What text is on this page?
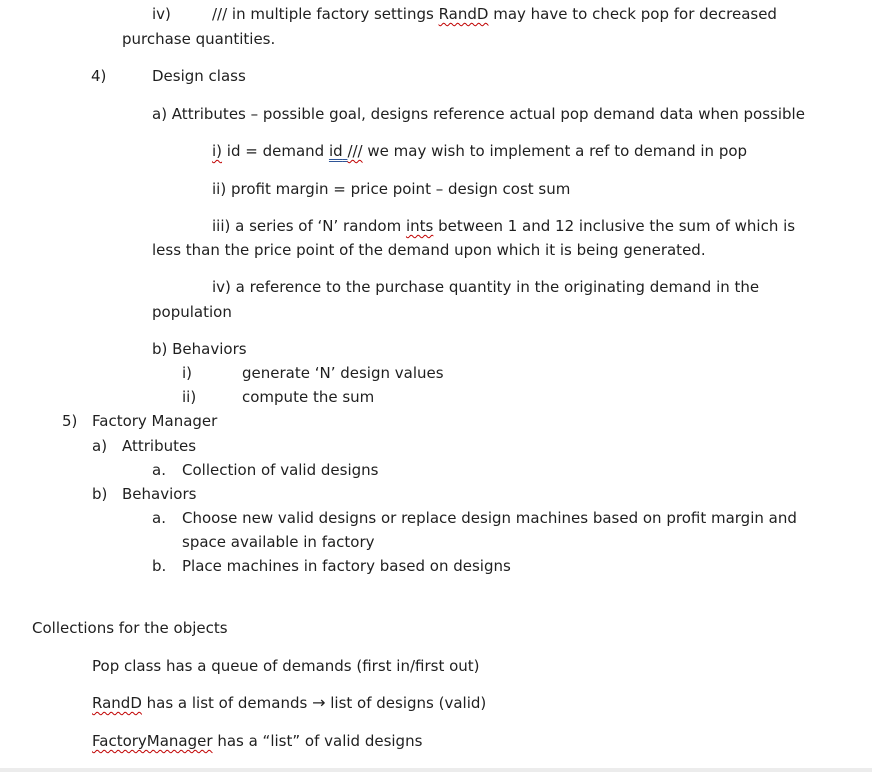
iv)	/// in multiple factory settings RandD may have to check pop for decreased
purchase quantities.
4)	Design class
a) Attributes – possible goal, designs reference actual pop demand data when possible
i) id = demand id /// we may wish to implement a ref to demand in pop
ii) profit margin = price point – design cost sum
iii) a series of ‘N’ random ints between 1 and 12 inclusive the sum of which is
less than the price point of the demand upon which it is being generated.
iv) a reference to the purchase quantity in the originating demand in the
population
b) Behaviors
i)	generate ‘N’ design values
ii)	compute the sum
5) Factory Manager
a) Attributes
a. Collection of valid designs
b) Behaviors
a. Choose new valid designs or replace design machines based on profit margin and
space available in factory
b. Place machines in factory based on designs
Collections for the objects
Pop class has a queue of demands (first in/first out)
RandD has a list of demands → list of designs (valid)
FactoryManager has a “list” of valid designs
